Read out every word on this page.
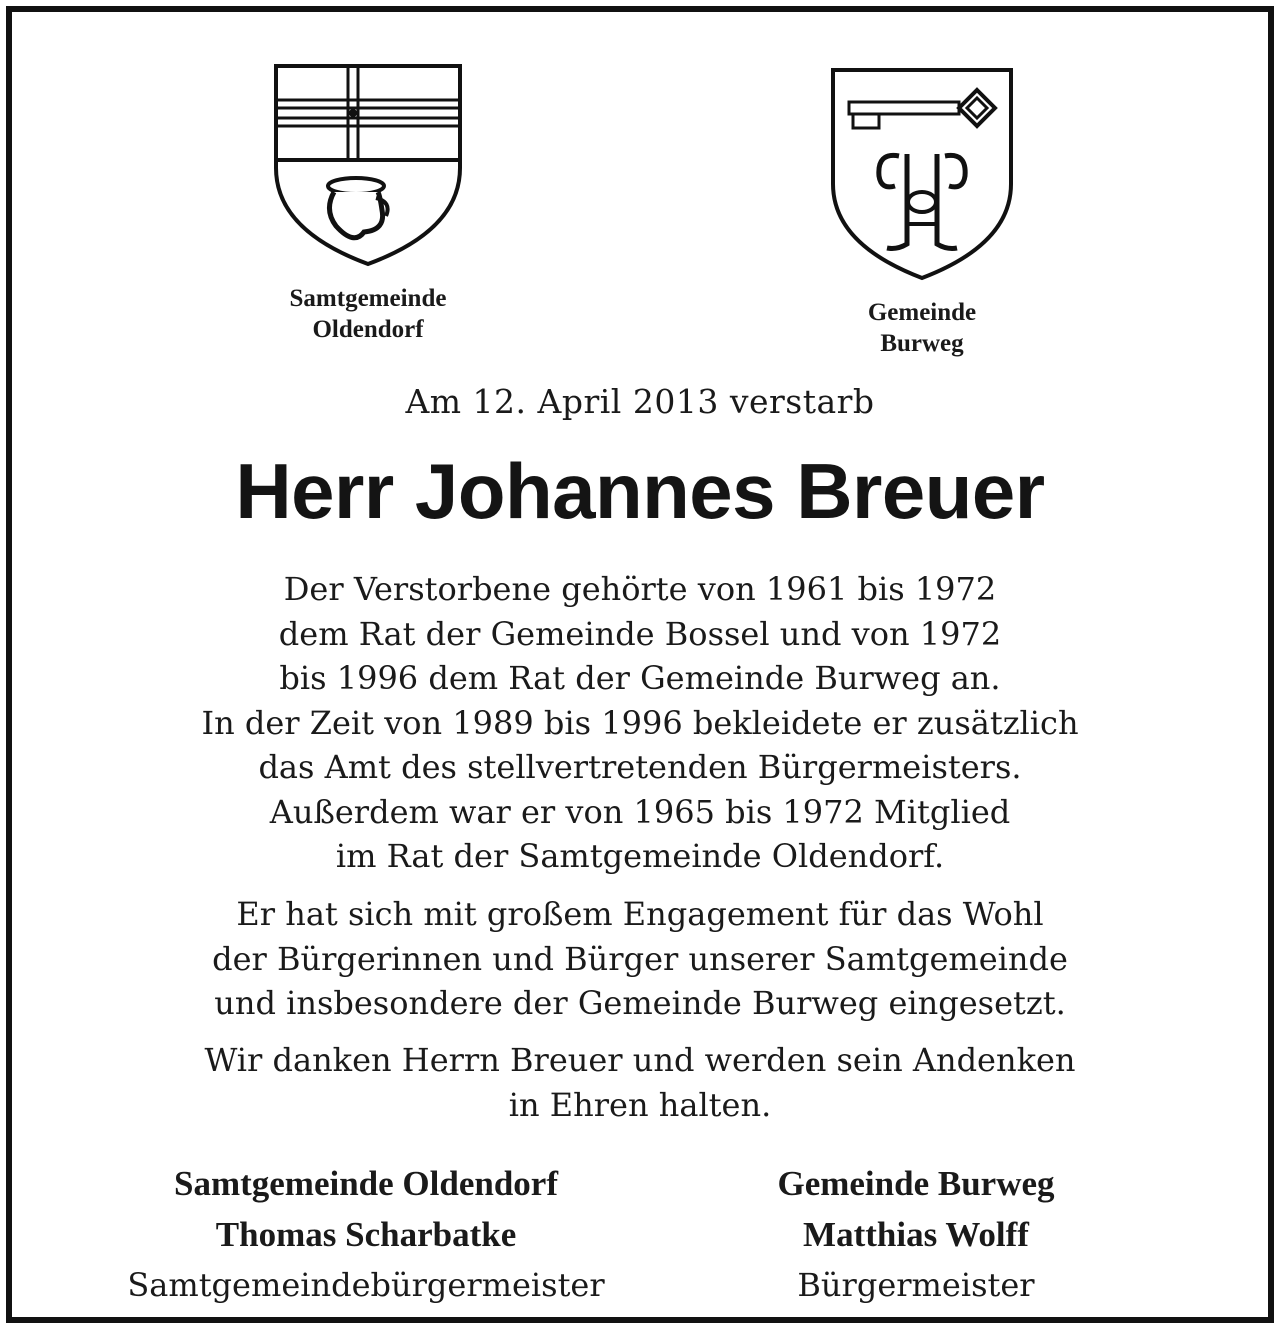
Samtgemeinde
Oldendorf
Gemeinde
Burweg
Am 12. April 2013 verstarb
Herr Johannes Breuer
Der Verstorbene gehörte von 1961 bis 1972
dem Rat der Gemeinde Bossel und von 1972
bis 1996 dem Rat der Gemeinde Burweg an.
In der Zeit von 1989 bis 1996 bekleidete er zusätzlich
das Amt des stellvertretenden Bürgermeisters.
Außerdem war er von 1965 bis 1972 Mitglied
im Rat der Samtgemeinde Oldendorf.
Er hat sich mit großem Engagement für das Wohl
der Bürgerinnen und Bürger unserer Samtgemeinde
und insbesondere der Gemeinde Burweg eingesetzt.
Wir danken Herrn Breuer und werden sein Andenken
in Ehren halten.
Samtgemeinde Oldendorf
Thomas Scharbatke
Samtgemeindebürgermeister
Gemeinde Burweg
Matthias Wolff
Bürgermeister
